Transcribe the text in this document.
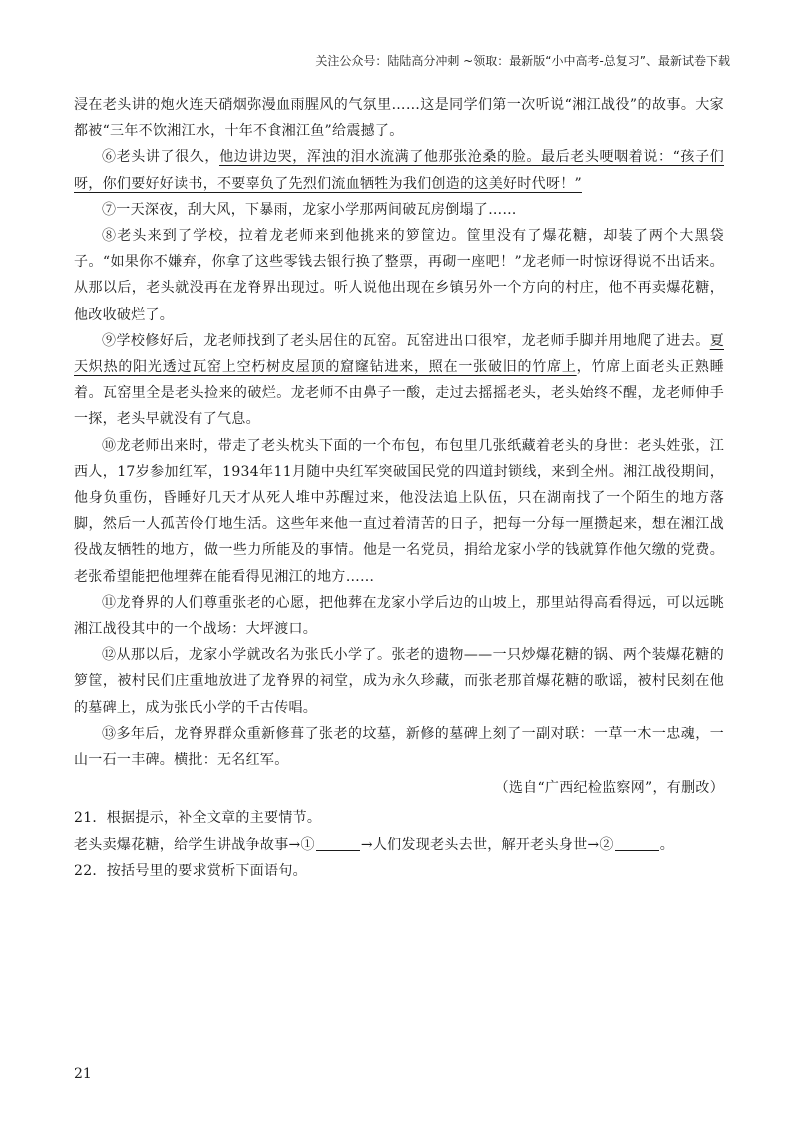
关注公众号：陆陆高分冲刺 ~领取：最新版“小中高考-总复习”、最新试卷下载

浸在老头讲的炮火连天硝烟弥漫血雨腥风的气氛里……这是同学们第一次听说“湘江战役”的故事。大家都被“三年不饮湘江水，十年不食湘江鱼”给震撼了。

⑥老头讲了很久，他边讲边哭，浑浊的泪水流满了他那张沧桑的脸。最后老头哽咽着说：“孩子们呀，你们要好好读书，不要辜负了先烈们流血牺牲为我们创造的这美好时代呀！”

⑦一天深夜，刮大风，下暴雨，龙家小学那两间破瓦房倒塌了……

⑧老头来到了学校，拉着龙老师来到他挑来的箩筐边。筐里没有了爆花糖，却装了两个大黑袋子。“如果你不嫌弃，你拿了这些零钱去银行换了整票，再砌一座吧！”龙老师一时惊讶得说不出话来。从那以后，老头就没再在龙脊界出现过。听人说他出现在乡镇另外一个方向的村庄，他不再卖爆花糖，他改收破烂了。

⑨学校修好后，龙老师找到了老头居住的瓦窑。瓦窑进出口很窄，龙老师手脚并用地爬了进去。夏天炽热的阳光透过瓦窑上空朽树皮屋顶的窟窿钻进来，照在一张破旧的竹席上，竹席上面老头正熟睡着。瓦窑里全是老头捡来的破烂。龙老师不由鼻子一酸，走过去摇摇老头，老头始终不醒，龙老师伸手一探，老头早就没有了气息。

⑩龙老师出来时，带走了老头枕头下面的一个布包，布包里几张纸藏着老头的身世：老头姓张，江西人，17岁参加红军，1934年11月随中央红军突破国民党的四道封锁线，来到全州。湘江战役期间，他身负重伤，昏睡好几天才从死人堆中苏醒过来，他没法追上队伍，只在湖南找了一个陌生的地方落脚，然后一人孤苦伶仃地生活。这些年来他一直过着清苦的日子，把每一分每一厘攒起来，想在湘江战役战友牺牲的地方，做一些力所能及的事情。他是一名党员，捐给龙家小学的钱就算作他欠缴的党费。老张希望能把他埋葬在能看得见湘江的地方……

⑪龙脊界的人们尊重张老的心愿，把他葬在龙家小学后边的山坡上，那里站得高看得远，可以远眺湘江战役其中的一个战场：大坪渡口。

⑫从那以后，龙家小学就改名为张氏小学了。张老的遗物——一只炒爆花糖的锅、两个装爆花糖的箩筐，被村民们庄重地放进了龙脊界的祠堂，成为永久珍藏，而张老那首爆花糖的歌谣，被村民刻在他的墓碑上，成为张氏小学的千古传唱。

⑬多年后，龙脊界群众重新修葺了张老的坟墓，新修的墓碑上刻了一副对联：一草一木一忠魂，一山一石一丰碑。横批：无名红军。

（选自“广西纪检监察网”，有删改）

21．根据提示，补全文章的主要情节。

老头卖爆花糖，给学生讲战争故事→①	→人们发现老头去世，解开老头身世→②	。

22．按括号里的要求赏析下面语句。

21
